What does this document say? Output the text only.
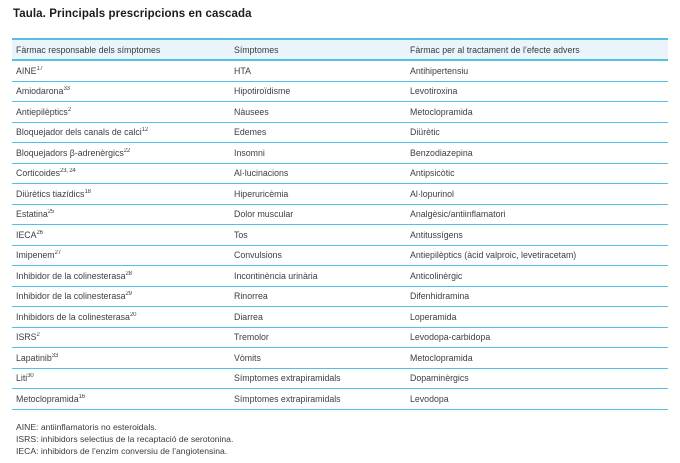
Taula. Principals prescripcions en cascada
Fàrmac responsable dels símptomes	Símptomes	Fàrmac per al tractament de l’efecte advers
AINE$^{17}$	HTA	Antihipertensiu
Amiodarona$^{33}$	Hipotiroïdisme	Levotiroxina
Antiepilèptics$^2$	Nàusees	Metoclopramida
Bloquejador dels canals de calci$^{12}$	Edemes	Diürètic
Bloquejadors β-adrenèrgics$^{22}$	Insomni	Benzodiazepina
Corticoides$^{23, 24}$	Al·lucinacions	Antipsicòtic
Diürètics tiazídics$^{18}$	Hiperuricèmia	Al·lopurinol
Estatina$^{25}$	Dolor muscular	Analgèsic/antiinflamatori
IECA$^{26}$	Tos	Antitussígens
Imipenem$^{27}$	Convulsions	Antiepilèptics (àcid valproic, levetiracetam)
Inhibidor de la colinesterasa$^{28}$	Incontinència urinària	Anticolinèrgic
Inhibidor de la colinesterasa$^{29}$	Rinorrea	Difenhidramina
Inhibidors de la colinesterasa$^{20}$	Diarrea	Loperamida
ISRS$^2$	Tremolor	Levodopa-carbidopa
Lapatinib$^{33}$	Vòmits	Metoclopramida
Liti$^{30}$	Símptomes extrapiramidals	Dopaminèrgics
Metoclopramida$^{16}$	Símptomes extrapiramidals	Levodopa
AINE: antiinflamatoris no esteroidals.
ISRS: inhibidors selectius de la recaptació de serotonina.
IECA: inhibidors de l’enzim conversiu de l’angiotensina.
